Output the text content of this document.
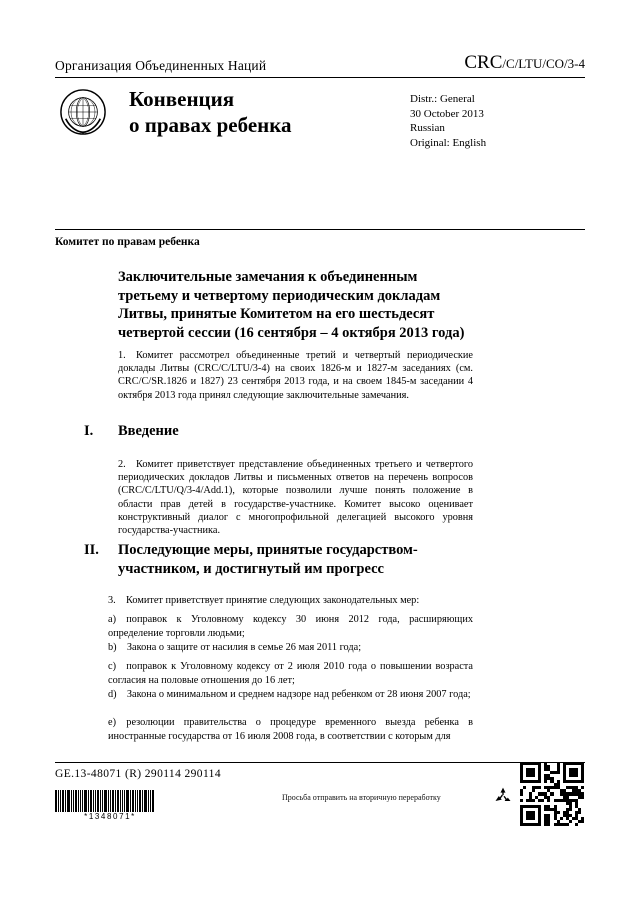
Организация Объединенных Наций	CRC/C/LTU/CO/3-4
Конвенция
о правах ребенка
Distr.: General
30 October 2013
Russian
Original: English
Комитет по правам ребенка
Заключительные замечания к объединенным третьему и четвертому периодическим докладам Литвы, принятые Комитетом на его шестьдесят четвертой сессии (16 сентября – 4 октября 2013 года)
1. Комитет рассмотрел объединенные третий и четвертый периодические доклады Литвы (CRC/C/LTU/3-4) на своих 1826-м и 1827-м заседаниях (см. CRC/C/SR.1826 и 1827) 23 сентября 2013 года, и на своем 1845-м заседании 4 октября 2013 года принял следующие заключительные замечания.
I.	Введение
2. Комитет приветствует представление объединенных третьего и четвертого периодических докладов Литвы и письменных ответов на перечень вопросов (CRC/C/LTU/Q/3-4/Add.1), которые позволили лучше понять положение в области прав детей в государстве-участнике. Комитет высоко оценивает конструктивный диалог с многопрофильной делегацией высокого уровня государства-участника.
II.	Последующие меры, принятые государством-участником, и достигнутый им прогресс
3. Комитет приветствует принятие следующих законодательных мер:
a) поправок к Уголовному кодексу 30 июня 2012 года, расширяющих определение торговли людьми;
b) Закона о защите от насилия в семье 26 мая 2011 года;
c) поправок к Уголовному кодексу от 2 июля 2010 года о повышении возраста согласия на половые отношения до 16 лет;
d) Закона о минимальном и среднем надзоре над ребенком от 28 июня 2007 года;
e) резолюции правительства о процедуре временного выезда ребенка в иностранные государства от 16 июля 2008 года, в соответствии с которым для
GE.13-48071 (R) 290114 290114
*1348071*
Просьба отправить на вторичную переработку
